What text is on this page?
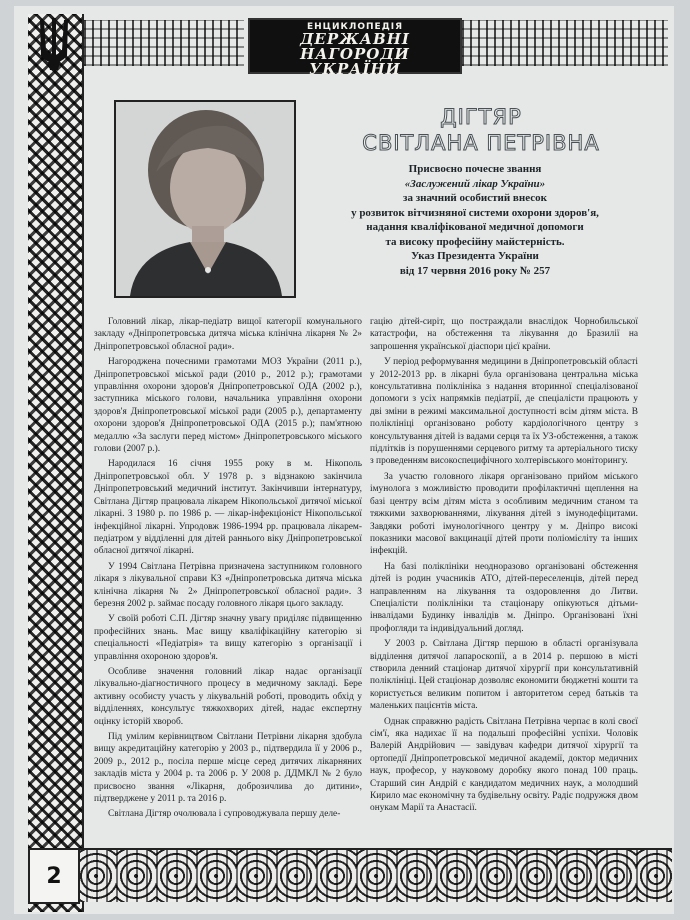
ЕНЦИКЛОПЕДІЯ
ДЕРЖАВНІ НАГОРОДИ
УКРАЇНИ
ДІГТЯР
СВІТЛАНА ПЕТРІВНА
Присвоєно почесне звання
«Заслужений лікар України»
за значний особистий внесок
у розвиток вітчизняної системи охорони здоров'я,
надання кваліфікованої медичної допомоги
та високу професійну майстерність.
Указ Президента України
від 17 червня 2016 року № 257

Головний лікар, лікар-педіатр вищої категорії комунального закладу «Дніпропетровська дитяча міська клінічна лікарня № 2» Дніпропетровської обласної ради».

Нагороджена почесними грамотами МОЗ України (2011 р.), Дніпропетровської міської ради (2010 р., 2012 р.); грамотами управління охорони здоров'я Дніпропетровської ОДА (2002 р.), заступника міського голови, начальника управління охорони здоров'я Дніпропетровської міської ради (2005 р.), департаменту охорони здоров'я Дніпропетровської ОДА (2015 р.); пам'ятною медаллю «За заслуги перед містом» Дніпропетровського міського голови (2007 р.).

Народилася 16 січня 1955 року в м. Нікополь Дніпропетровської обл. У 1978 р. з відзнакою закінчила Дніпропетровський медичний інститут. Закінчивши інтернатуру, Світлана Дігтяр працювала лікарем Нікопольської дитячої міської лікарні. З 1980 р. по 1986 р. — лікар-інфекціоніст Нікопольської інфекційної лікарні. Упродовж 1986-1994 рр. працювала лікарем-педіатром у відділенні для дітей раннього віку Дніпропетровської обласної дитячої лікарні.

У 1994 Світлана Петрівна призначена заступником головного лікаря з лікувальної справи КЗ «Дніпропетровська дитяча міська клінічна лікарня № 2» Дніпропетровської обласної ради». З березня 2002 р. займає посаду головного лікаря цього закладу.

У своїй роботі С.П. Дігтяр значну увагу приділяє підвищенню професійних знань. Має вищу кваліфікаційну категорію зі спеціальності «Педіатрія» та вищу категорію з організації і управління охороною здоров'я.

Особливе значення головний лікар надає організації лікувально-діагностичного процесу в медичному закладі. Бере активну особисту участь у лікувальній роботі, проводить обхід у відділеннях, консультує тяжкохворих дітей, надає експертну оцінку історій хвороб.

Під умілим керівництвом Світлани Петрівни лікарня здобула вищу акредитаційну категорію у 2003 р., підтвердила її у 2006 р., 2009 р., 2012 р., посіла перше місце серед дитячих лікарняних закладів міста у 2004 р. та 2006 р. У 2008 р. ДДМКЛ № 2 було присвоєно звання «Лікарня, доброзичлива до дитини», підтверджене у 2011 р. та 2016 р.

Світлана Дігтяр очолювала і супроводжувала першу деле-

гацію дітей-сиріт, що постраждали внаслідок Чорнобильської катастрофи, на обстеження та лікування до Бразилії на запрошення української діаспори цієї країни.

У період реформування медицини в Дніпропетровській області у 2012-2013 рр. в лікарні була організована центральна міська консультативна поліклініка з надання вторинної спеціалізованої допомоги з усіх напрямків педіатрії, де спеціалісти працюють у дві зміни в режимі максимальної доступності всім дітям міста. В поліклініці організовано роботу кардіологічного центру з консультування дітей із вадами серця та їх УЗ-обстеження, а також підлітків із порушеннями серцевого ритму та артеріального тиску з проведенням високоспецифічного холтерівського моніторингу.

За участю головного лікаря організовано прийом міського імунолога з можливістю проводити профілактичні щеплення на базі центру всім дітям міста з особливим медичним станом та тяжкими захворюваннями, лікування дітей з імунодефіцитами. Завдяки роботі імунологічного центру у м. Дніпро високі показники масової вакцинації дітей проти поліомієліту та інших інфекцій.

На базі поліклініки неодноразово організовані обстеження дітей із родин учасників АТО, дітей-переселенців, дітей перед направленням на лікування та оздоровлення до Литви. Спеціалісти поліклініки та стаціонару опікуються дітьми-інвалідами Будинку інвалідів м. Дніпро. Організовані їхні профогляди та індивідуальний догляд.

У 2003 р. Світлана Дігтяр першою в області організувала відділення дитячої лапароскопії, а в 2014 р. першою в місті створила денний стаціонар дитячої хірургії при консультативній поліклініці. Цей стаціонар дозволяє економити бюджетні кошти та користується великим попитом і авторитетом серед батьків та маленьких пацієнтів міста.

Однак справжню радість Світлана Петрівна черпає в колі своєї сім'ї, яка надихає її на подальші професійні успіхи. Чоловік Валерій Андрійович — завідувач кафедри дитячої хірургії та ортопедії Дніпропетровської медичної академії, доктор медичних наук, професор, у науковому доробку якого понад 100 праць. Старший син Андрій є кандидатом медичних наук, а молодший Кирило має економічну та будівельну освіту. Радіє подружжя двом онукам Марії та Анастасії.

2
